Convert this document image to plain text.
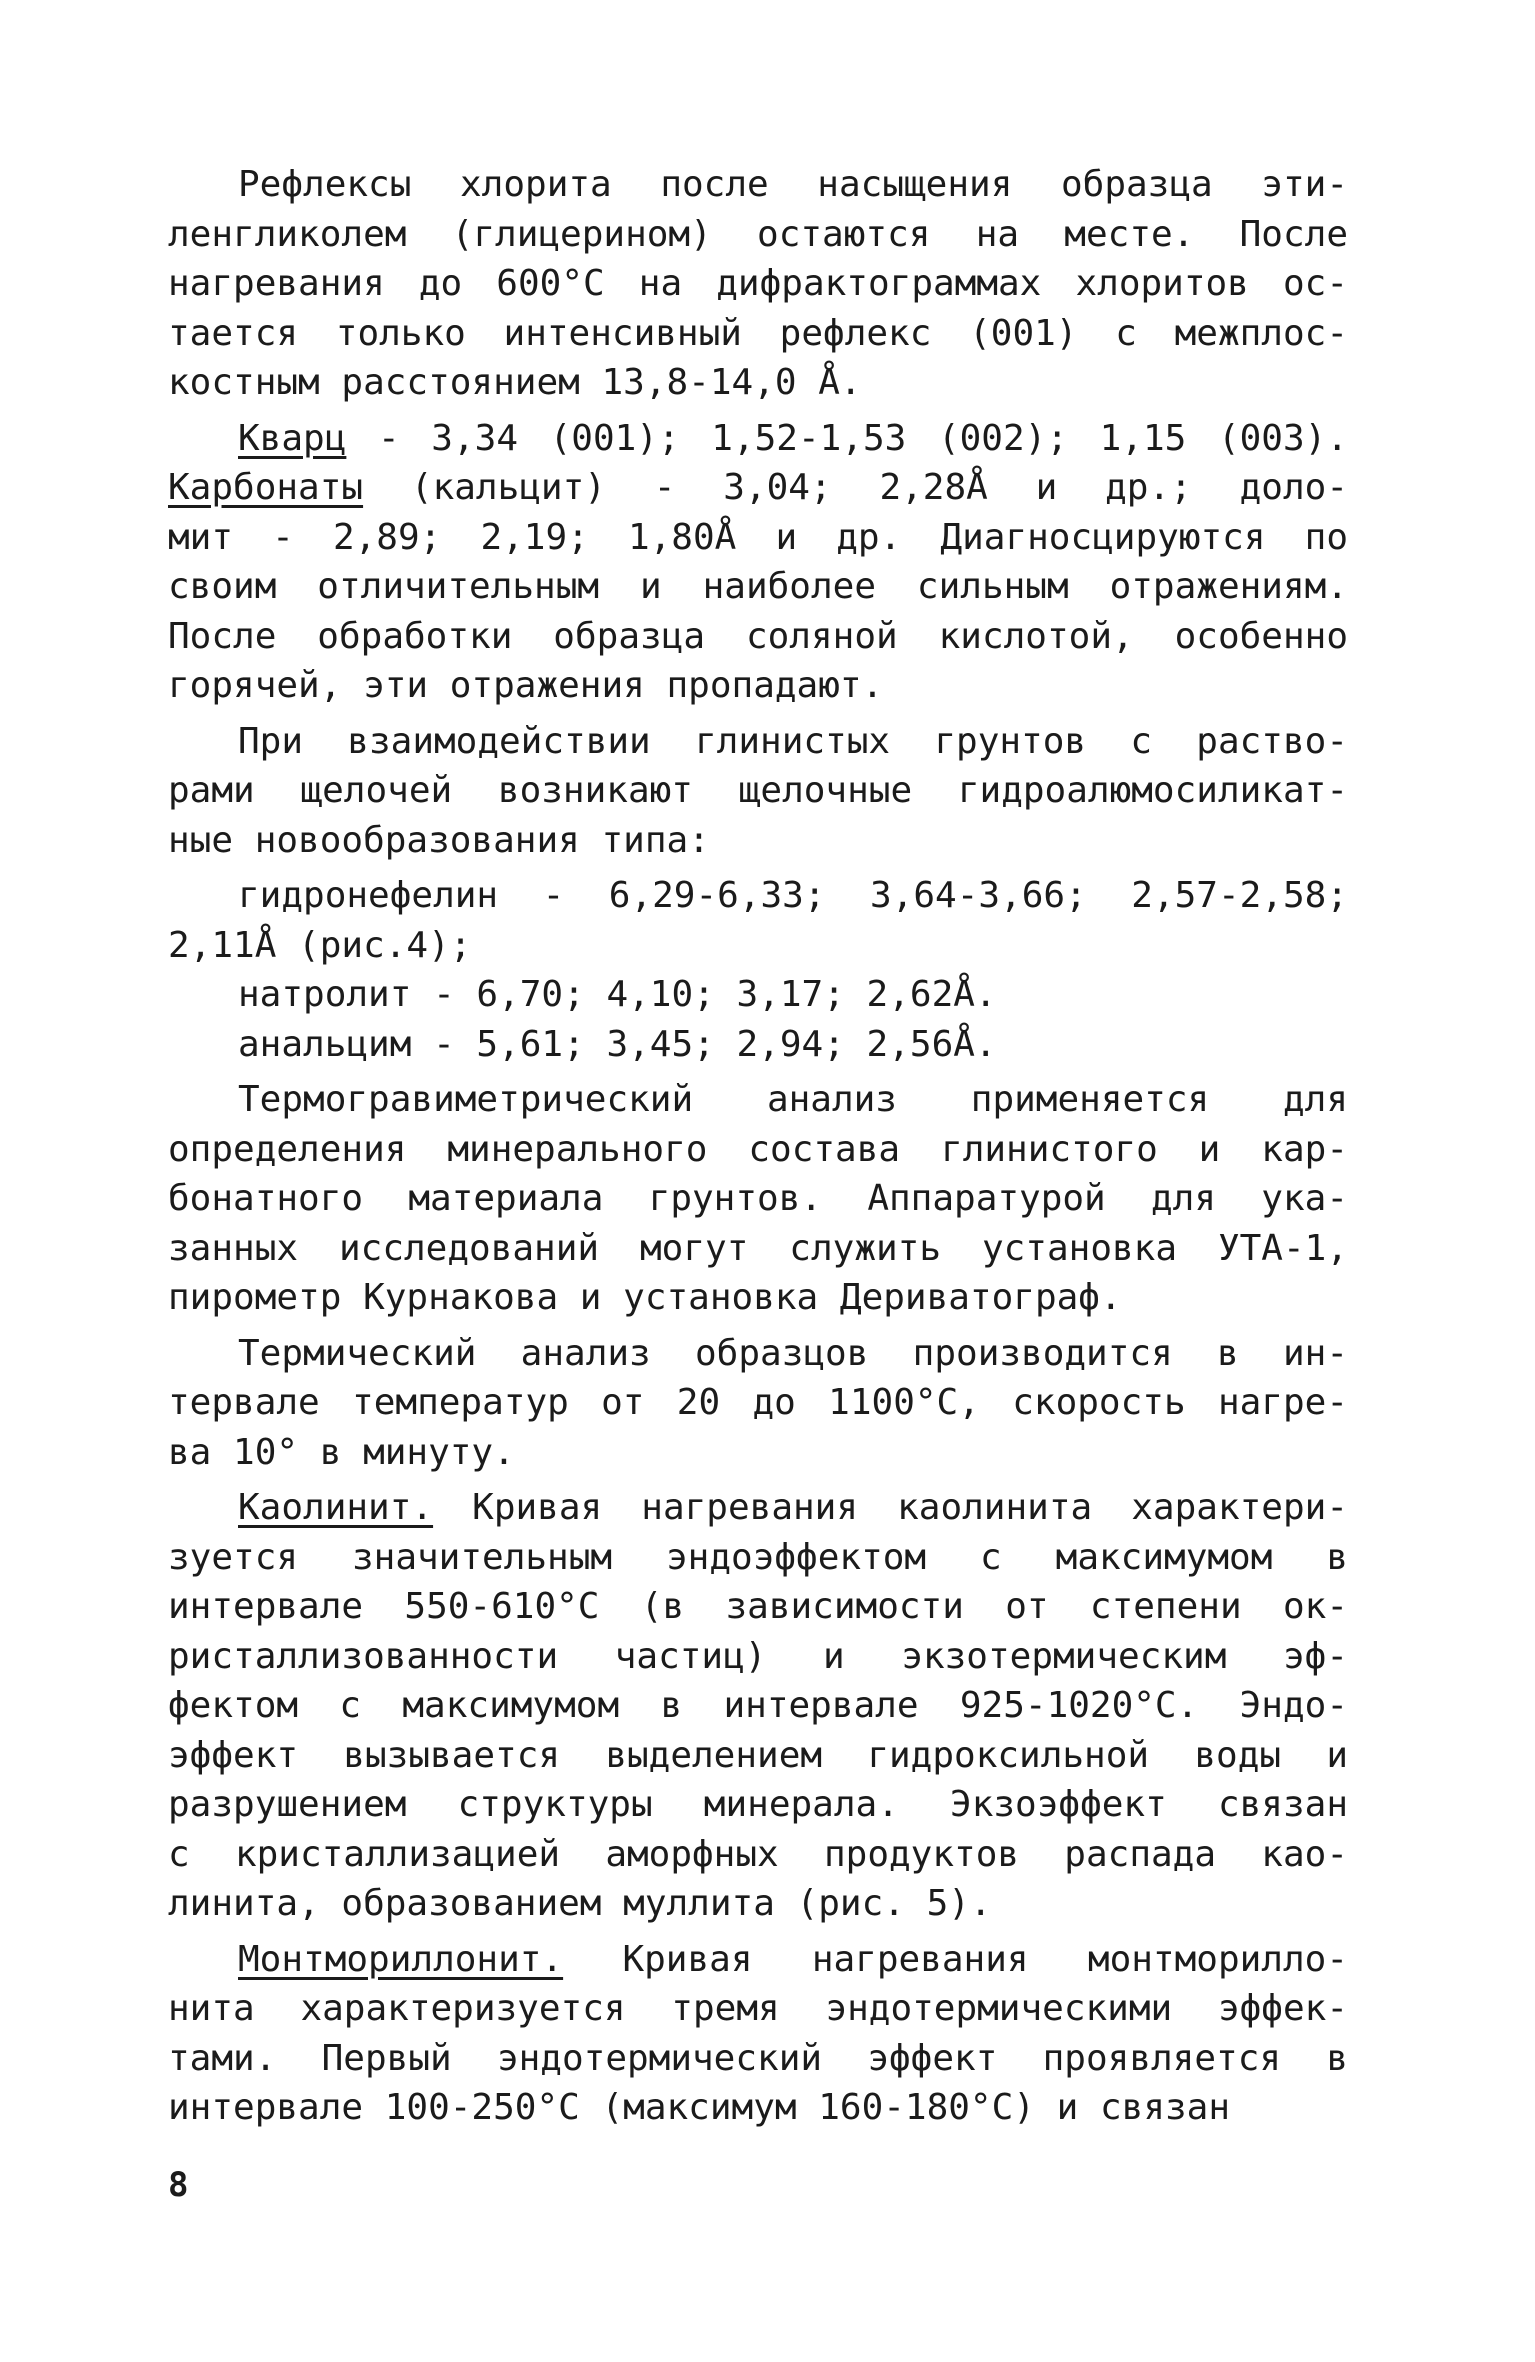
Рефлексы хлорита после насыщения образца эти-
ленгликолем (глицерином) остаются на месте. После
нагревания до 600°С на дифрактограммах хлоритов ос-
тается только интенсивный рефлекс (001) с межплос-
костным расстоянием 13,8-14,0 Å.
Кварц - 3,34 (001); 1,52-1,53 (002); 1,15 (003).
Карбонаты (кальцит) - 3,04; 2,28Å и др.; доло-
мит - 2,89; 2,19; 1,80Å и др. Диагносцируются по
своим отличительным и наиболее сильным отражениям.
После обработки образца соляной кислотой, особенно
горячей, эти отражения пропадают.
При взаимодействии глинистых грунтов с раство-
рами щелочей возникают щелочные гидроалюмосиликат-
ные новообразования типа:
гидронефелин - 6,29-6,33; 3,64-3,66; 2,57-2,58;
2,11Å (рис.4);
натролит - 6,70; 4,10; 3,17; 2,62Å.
анальцим - 5,61; 3,45; 2,94; 2,56Å.
Термогравиметрический анализ применяется для
определения минерального состава глинистого и кар-
бонатного материала грунтов. Аппаратурой для ука-
занных исследований могут служить установка УТА-1,
пирометр Курнакова и установка Дериватограф.
Термический анализ образцов производится в ин-
тервале температур от 20 до 1100°С, скорость нагре-
ва 10° в минуту.
Каолинит. Кривая нагревания каолинита характери-
зуется значительным эндоэффектом с максимумом в
интервале 550-610°С (в зависимости от степени ок-
ристаллизованности частиц) и экзотермическим эф-
фектом с максимумом в интервале 925-1020°С. Эндо-
эффект вызывается выделением гидроксильной воды и
разрушением структуры минерала. Экзоэффект связан
с кристаллизацией аморфных продуктов распада као-
линита, образованием муллита (рис. 5).
Монтмориллонит. Кривая нагревания монтморилло-
нита характеризуется тремя эндотермическими эффек-
тами. Первый эндотермический эффект проявляется в
интервале 100-250°С (максимум 160-180°С) и связан
8
